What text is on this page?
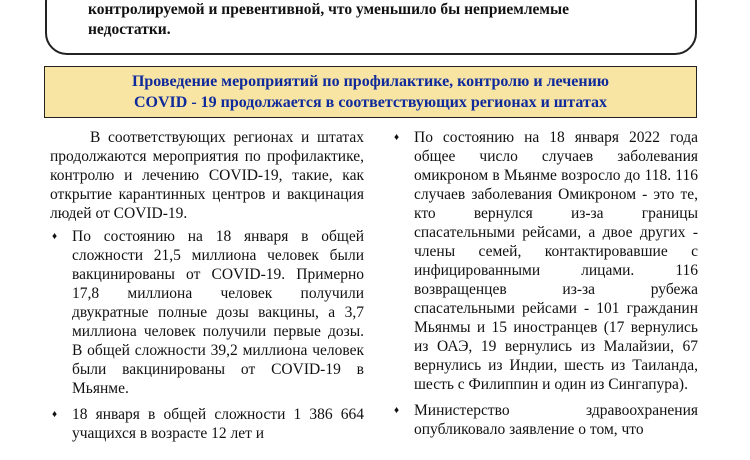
контролируемой и превентивной, что уменьшило бы неприемлемые
недостатки.
Проведение мероприятий по профилактике, контролю и лечению
COVID - 19 продолжается в соответствующих регионах и штатах

В соответствующих регионах и штатах продолжаются мероприятия по профилактике, контролю и лечению COVID-19, такие, как открытие карантинных центров и вакцинация людей от COVID-19.

♦ По состоянию на 18 января в общей сложности 21,5 миллиона человек были вакцинированы от COVID-19. Примерно 17,8 миллиона человек получили двукратные полные дозы вакцины, а 3,7 миллиона человек получили первые дозы. В общей сложности 39,2 миллиона человек были вакцинированы от COVID-19 в Мьянме.

♦ 18 января в общей сложности 1 386 664 учащихся в возрасте 12 лет и

♦ По состоянию на 18 января 2022 года общее число случаев заболевания омикроном в Мьянме возросло до 118. 116 случаев заболевания Омикроном - это те, кто вернулся из-за границы спасательными рейсами, а двое других - члены семей, контактировавшие с инфицированными лицами. 116 возвращенцев из-за рубежа спасательными рейсами - 101 гражданин Мьянмы и 15 иностранцев (17 вернулись из ОАЭ, 19 вернулись из Малайзии, 67 вернулись из Индии, шесть из Таиланда, шесть с Филиппин и один из Сингапура).

♦ Министерство здравоохранения опубликовало заявление о том, что
